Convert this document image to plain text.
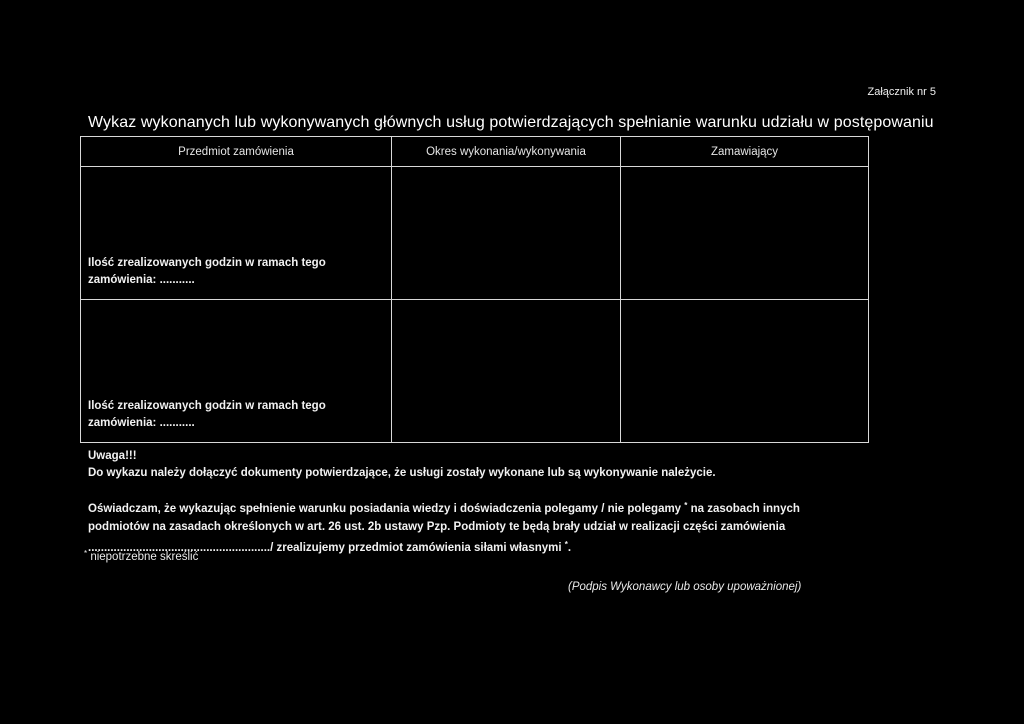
Załącznik nr 5
Wykaz wykonanych lub wykonywanych głównych usług potwierdzających spełnianie warunku udziału w postępowaniu
Przedmiot zamówienia	Okres wykonania/wykonywania	Zamawiający

Ilość zrealizowanych godzin w ramach tego
zamówienia: ...........		

Ilość zrealizowanych godzin w ramach tego
zamówienia: ...........		

Uwaga!!!
Do wykazu należy dołączyć dokumenty potwierdzające, że usługi zostały wykonane lub są wykonywanie należycie.
Oświadczam, że wykazując spełnienie warunku posiadania wiedzy i doświadczenia polegamy / nie polegamy * na zasobach innych podmiotów na zasadach określonych w art. 26 ust. 2b ustawy Pzp. Podmioty te będą brały udział w realizacji części zamówienia
........................................................./ zrealizujemy przedmiot zamówienia siłami własnymi *.
* niepotrzebne skreślić
(Podpis Wykonawcy lub osoby upoważnionej)
